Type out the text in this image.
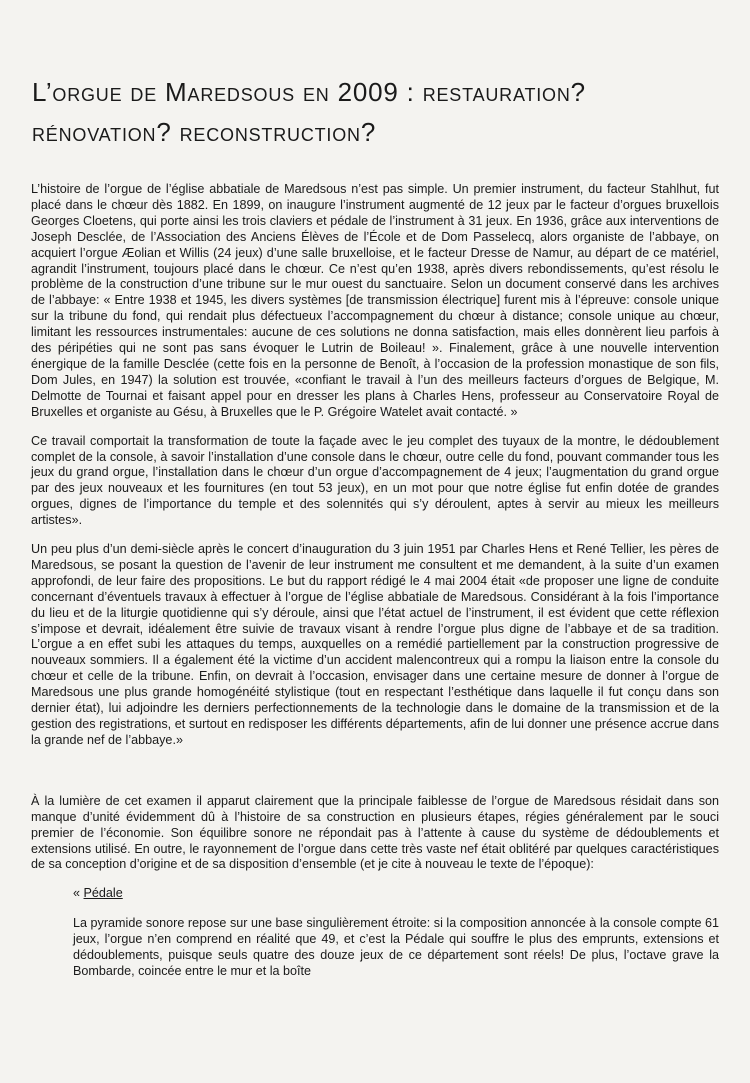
L’orgue de Maredsous en 2009 : restauration?
rénovation? reconstruction?

L’histoire de l’orgue de l’église abbatiale de Maredsous n’est pas simple. Un premier instrument, du facteur Stahlhut, fut placé dans le chœur dès 1882. En 1899, on inaugure l’instrument augmenté de 12 jeux par le facteur d’orgues bruxellois Georges Cloetens, qui porte ainsi les trois claviers et pédale de l’instrument à 31 jeux. En 1936, grâce aux interventions de Joseph Desclée, de l’Association des Anciens Élèves de l’École et de Dom Passelecq, alors organiste de l’abbaye, on acquiert l’orgue Æolian et Willis (24 jeux) d’une salle bruxelloise, et le facteur Dresse de Namur, au départ de ce matériel, agrandit l’instrument, toujours placé dans le chœur. Ce n’est qu’en 1938, après divers rebondissements, qu’est résolu le problème de la construction d’une tribune sur le mur ouest du sanctuaire. Selon un document conservé dans les archives de l’abbaye: « Entre 1938 et 1945, les divers systèmes [de transmission électrique] furent mis à l’épreuve: console unique sur la tribune du fond, qui rendait plus défectueux l’accompagnement du chœur à distance; console unique au chœur, limitant les ressources instrumentales: aucune de ces solutions ne donna satisfaction, mais elles donnèrent lieu parfois à des péripéties qui ne sont pas sans évoquer le Lutrin de Boileau! ». Finalement, grâce à une nouvelle intervention énergique de la famille Desclée (cette fois en la personne de Benoît, à l’occasion de la profession monastique de son fils, Dom Jules, en 1947) la solution est trouvée, «confiant le travail à l’un des meilleurs facteurs d’orgues de Belgique, M. Delmotte de Tournai et faisant appel pour en dresser les plans à Charles Hens, professeur au Conservatoire Royal de Bruxelles et organiste au Gésu, à Bruxelles que le P. Grégoire Watelet avait contacté. »

Ce travail comportait la transformation de toute la façade avec le jeu complet des tuyaux de la montre, le dédoublement complet de la console, à savoir l’installation d’une console dans le chœur, outre celle du fond, pouvant commander tous les jeux du grand orgue, l’installation dans le chœur d’un orgue d’accompagnement de 4 jeux; l’augmentation du grand orgue par des jeux nouveaux et les fournitures (en tout 53 jeux), en un mot pour que notre église fut enfin dotée de grandes orgues, dignes de l’importance du temple et des solennités qui s’y déroulent, aptes à servir au mieux les meilleurs artistes».

Un peu plus d’un demi-siècle après le concert d’inauguration du 3 juin 1951 par Charles Hens et René Tellier, les pères de Maredsous, se posant la question de l’avenir de leur instrument me consultent et me demandent, à la suite d’un examen approfondi, de leur faire des propositions. Le but du rapport rédigé le 4 mai 2004 était «de proposer une ligne de conduite concernant d’éventuels travaux à effectuer à l’orgue de l’église abbatiale de Maredsous. Considérant à la fois l’importance du lieu et de la liturgie quotidienne qui s’y déroule, ainsi que l’état actuel de l’instrument, il est évident que cette réflexion s’impose et devrait, idéalement être suivie de travaux visant à rendre l’orgue plus digne de l’abbaye et de sa tradition. L’orgue a en effet subi les attaques du temps, auxquelles on a remédié partiellement par la construction progressive de nouveaux sommiers. Il a également été la victime d’un accident malencontreux qui a rompu la liaison entre la console du chœur et celle de la tribune. Enfin, on devrait à l’occasion, envisager dans une certaine mesure de donner à l’orgue de Maredsous une plus grande homogénéité stylistique (tout en respectant l’esthétique dans laquelle il fut conçu dans son dernier état), lui adjoindre les derniers perfectionnements de la technologie dans le domaine de la transmission et de la gestion des registrations, et surtout en redisposer les différents départements, afin de lui donner une présence accrue dans la grande nef de l’abbaye.»

À la lumière de cet examen il apparut clairement que la principale faiblesse de l’orgue de Maredsous résidait dans son manque d’unité évidemment dû à l’histoire de sa construction en plusieurs étapes, régies généralement par le souci premier de l’économie. Son équilibre sonore ne répondait pas à l’attente à cause du système de dédoublements et extensions utilisé. En outre, le rayonnement de l’orgue dans cette très vaste nef était oblitéré par quelques caractéristiques de sa conception d’origine et de sa disposition d’ensemble (et je cite à nouveau le texte de l’époque):

« Pédale

La pyramide sonore repose sur une base singulièrement étroite: si la composition annoncée à la console compte 61 jeux, l’orgue n’en comprend en réalité que 49, et c’est la Pédale qui souffre le plus des emprunts, extensions et dédoublements, puisque seuls quatre des douze jeux de ce département sont réels! De plus, l’octave grave la Bombarde, coincée entre le mur et la boîte
